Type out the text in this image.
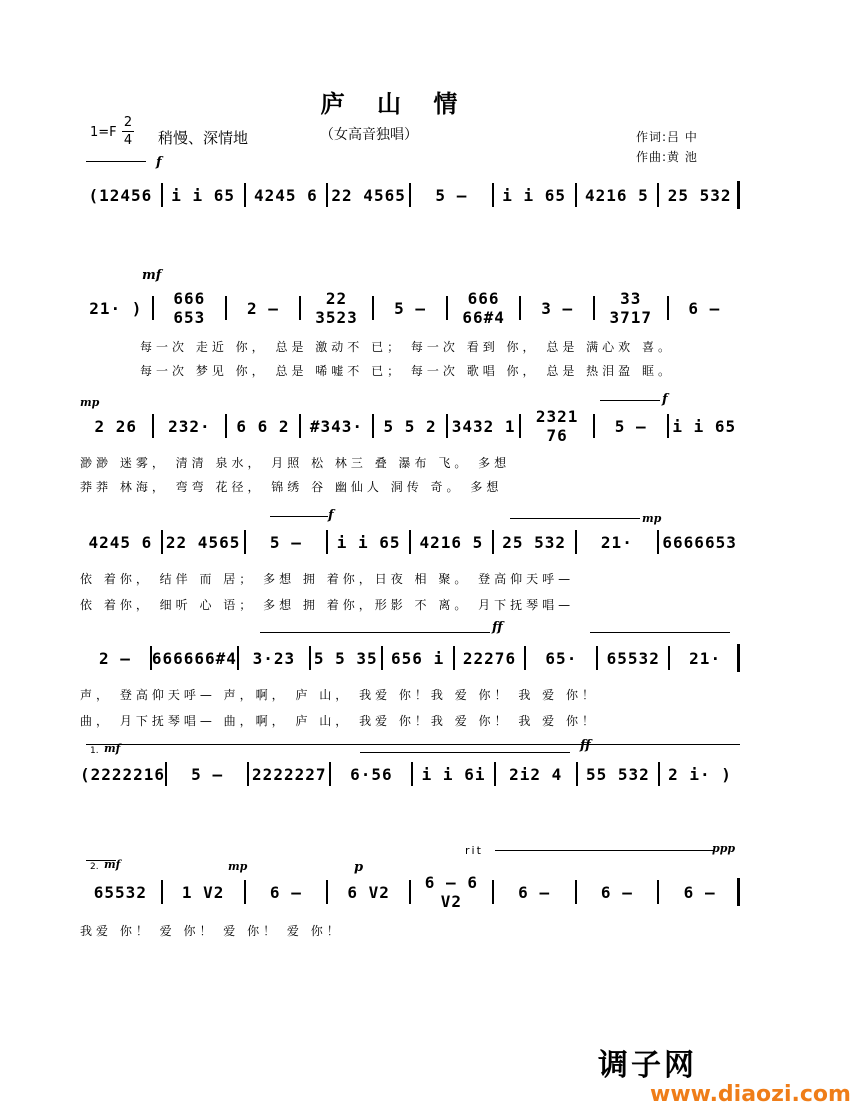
庐 山 情
$1=F \frac{2}{4}$ 稍慢、深情地	（女高音独唱）	作词:吕 中
作曲:黄 池
f
(12456	i i 65	4245 6 22 4565	5 –	i i 65	4216 5	25 532
mf
21· )	666 653	2 –	22 3523	5 –	666 66#4	3 –	33 3717	6 –
每一次 走近 你， 总是 激动不 已； 每一次 看到 你， 总是 满心欢 喜。
每一次 梦见 你， 总是 唏嘘不 已； 每一次 歌唱 你， 总是 热泪盈 眶。
mp	f
2 26	232·	6 6 2	#343·	5 5 2 3432 1	2321 76	5 –	i i 65
渺渺 迷雾， 清清 泉水， 月照 松 林三 叠 瀑布 飞。 多想
莽莽 林海， 弯弯 花径， 锦绣 谷 幽仙人 洞传 奇。 多想
f	mp
4245 6 22 4565	5 –	i i 65	4216 5	25 532	21·	6666653
依 着你， 结伴 而 居； 多想 拥 着你，日夜 相 聚。 登高仰天呼—
依 着你， 细听 心 语； 多想 拥 着你，形影 不 离。 月下抚琴唱—
ff
2 –	666666#4 3·23	5 5 35 656 i	22276	65·	65532	21·
声， 登高仰天呼— 声，啊， 庐 山， 我爱 你！我 爱 你！ 我 爱 你！
曲， 月下抚琴唱— 曲，啊， 庐 山， 我爱 你！我 爱 你！ 我 爱 你！
1. mf	ff
(2222216	5 –	2222227	6·56	i i 6i	2i2 4	55 532	2 i· )
rit	ppp
2. mf	mp	p
65532	1 V2	6 –	6 V2	6 – 6 V2	6 –	6 –	6 –
我爱 你！ 爱 你！ 爱 你！ 爱 你！
调子网
www.diaozi.com
